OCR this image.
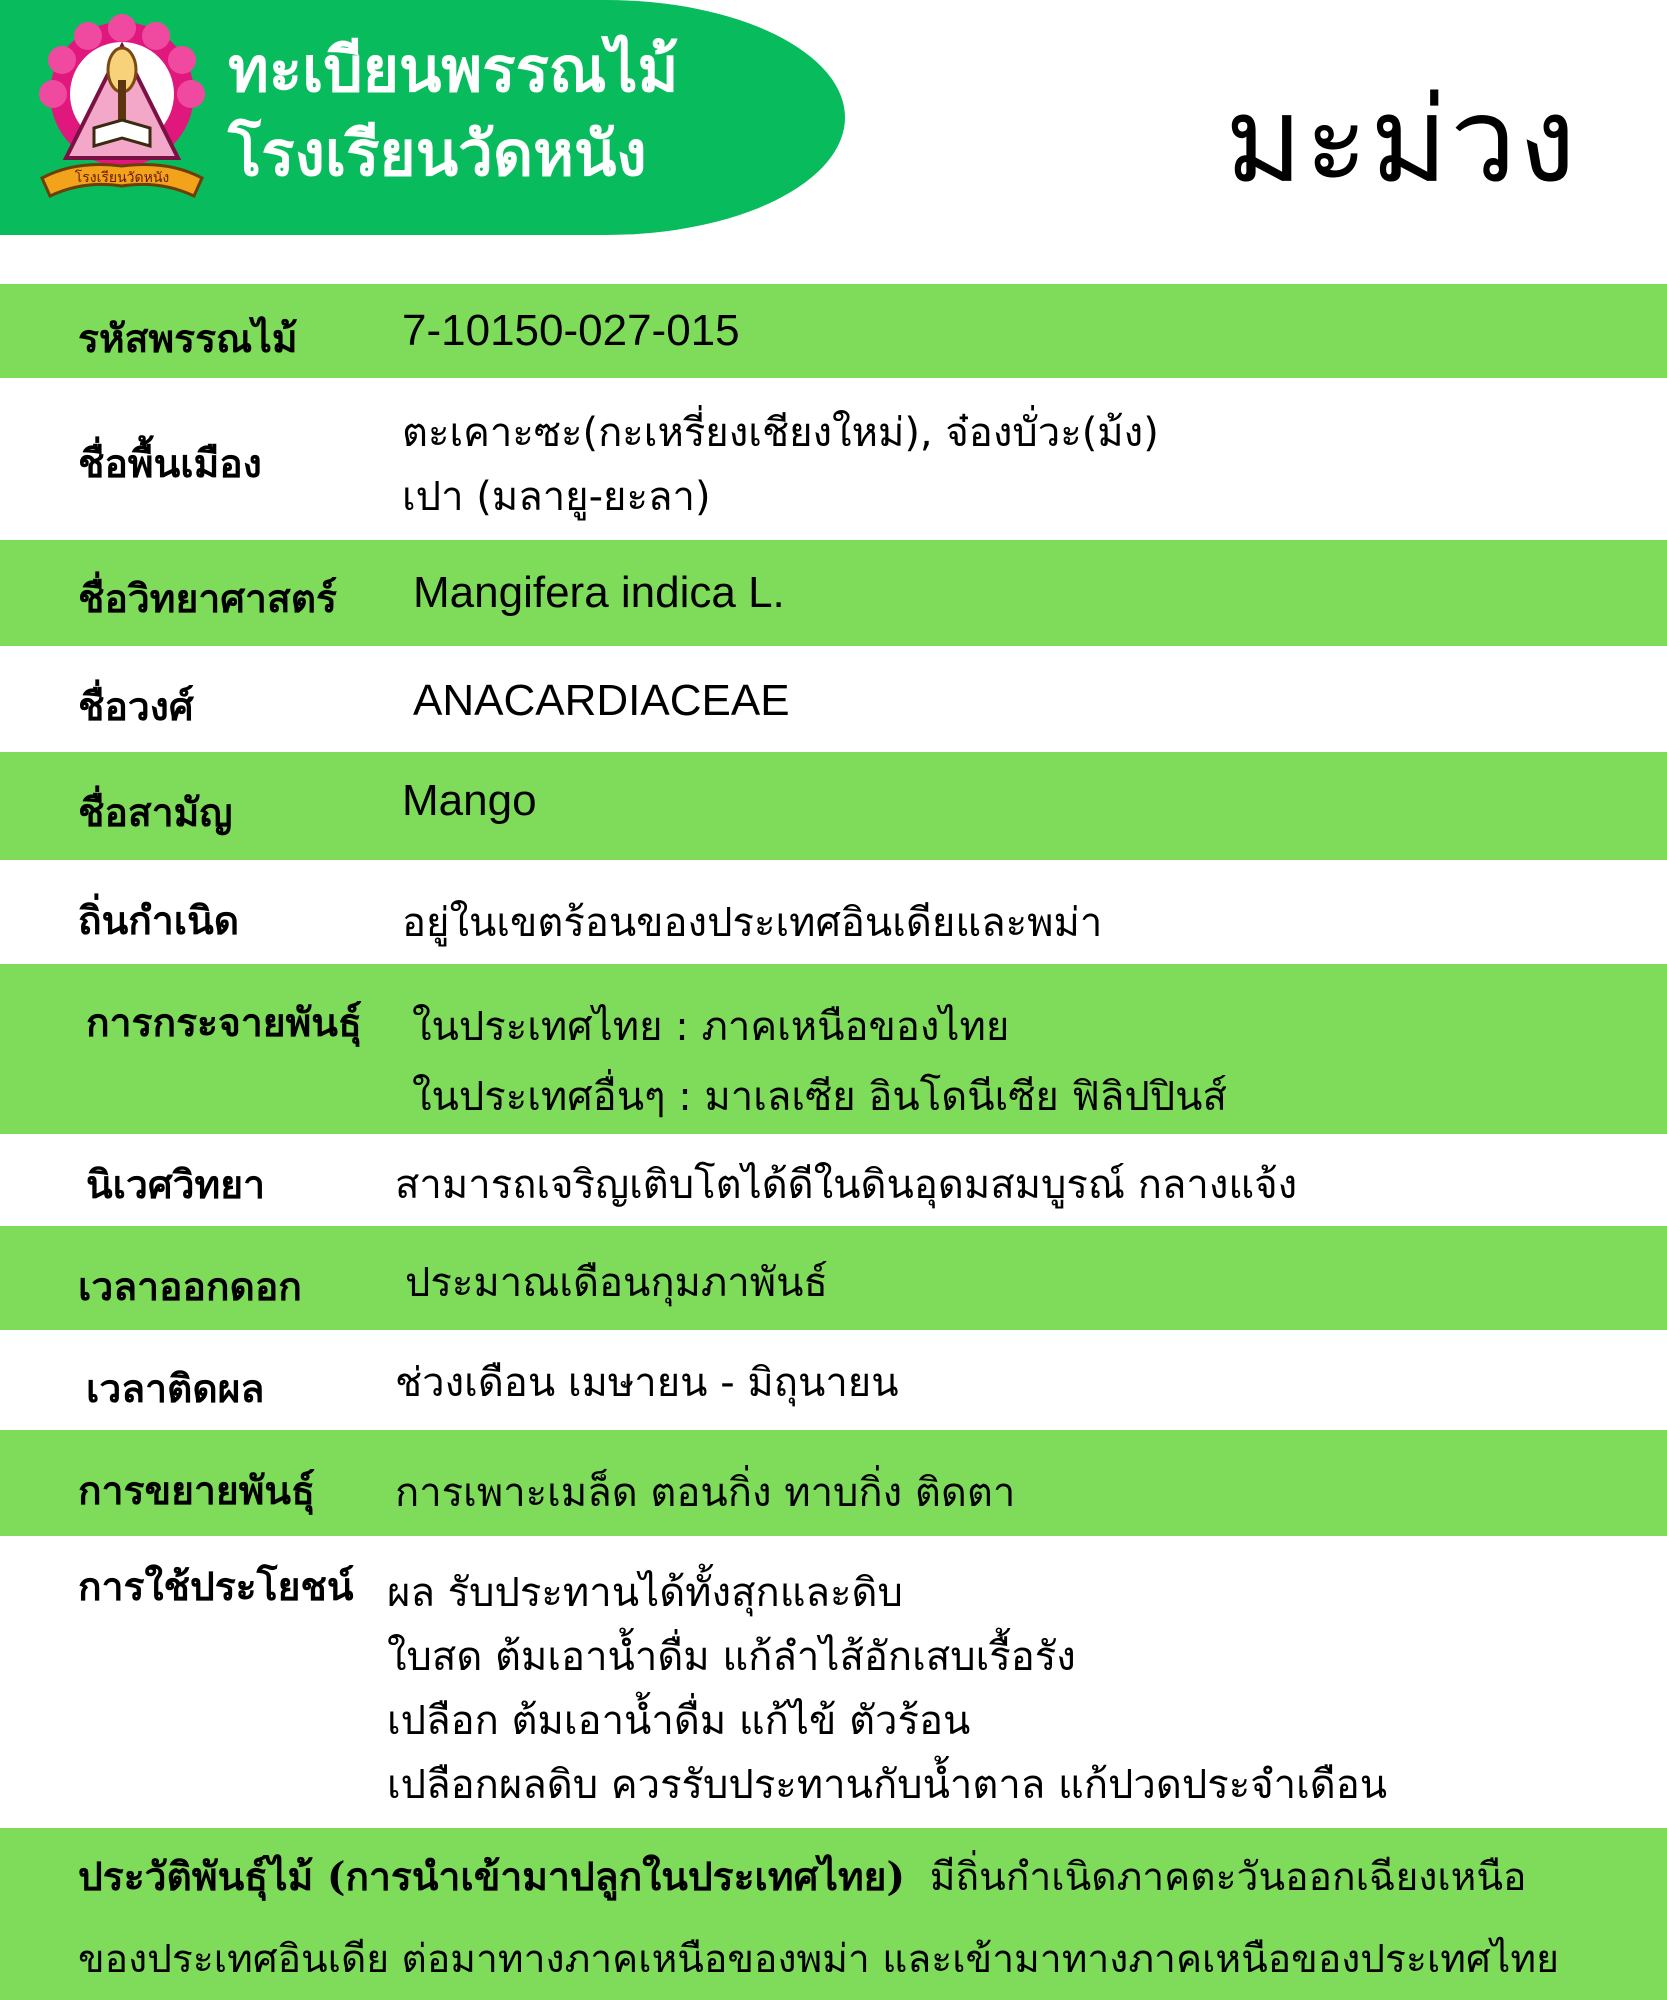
โรงเรียนวัดหนัง
ทะเบียนพรรณไม้
โรงเรียนวัดหนัง	มะม่วง
รหัสพรรณไม้ 7-10150-027-015
ชื่อพื้นเมือง
ตะเคาะซะ(กะเหรี่ยงเชียงใหม่), จ๋องบั่วะ(ม้ง)
เปา (มลายู-ยะลา)
ชื่อวิทยาศาสตร์ Mangifera indica L.
ชื่อวงศ์	ANACARDIACEAE
ชื่อสามัญ	Mango
ถิ่นกำเนิด	อยู่ในเขตร้อนของประเทศอินเดียและพม่า
การกระจายพันธุ์ ในประเทศไทย : ภาคเหนือของไทย
ในประเทศอื่นๆ : มาเลเซีย อินโดนีเซีย ฟิลิปปินส์
นิเวศวิทยา	สามารถเจริญเติบโตได้ดีในดินอุดมสมบูรณ์ กลางแจ้ง
เวลาออกดอก	ประมาณเดือนกุมภาพันธ์
เวลาติดผล	ช่วงเดือน เมษายน - มิถุนายน
การขยายพันธุ์ การเพาะเมล็ด ตอนกิ่ง ทาบกิ่ง ติดตา
การใช้ประโยชน์ ผล รับประทานได้ทั้งสุกและดิบ
ใบสด ต้มเอาน้ำดื่ม แก้ลำไส้อักเสบเรื้อรัง
เปลือก ต้มเอาน้ำดื่ม แก้ไข้ ตัวร้อน
เปลือกผลดิบ ควรรับประทานกับน้ำตาล แก้ปวดประจำเดือน
ประวัติพันธุ์ไม้ (การนำเข้ามาปลูกในประเทศไทย) มีถิ่นกำเนิดภาคตะวันออกเฉียงเหนือ
ของประเทศอินเดีย ต่อมาทางภาคเหนือของพม่า และเข้ามาทางภาคเหนือของประเทศไทย
